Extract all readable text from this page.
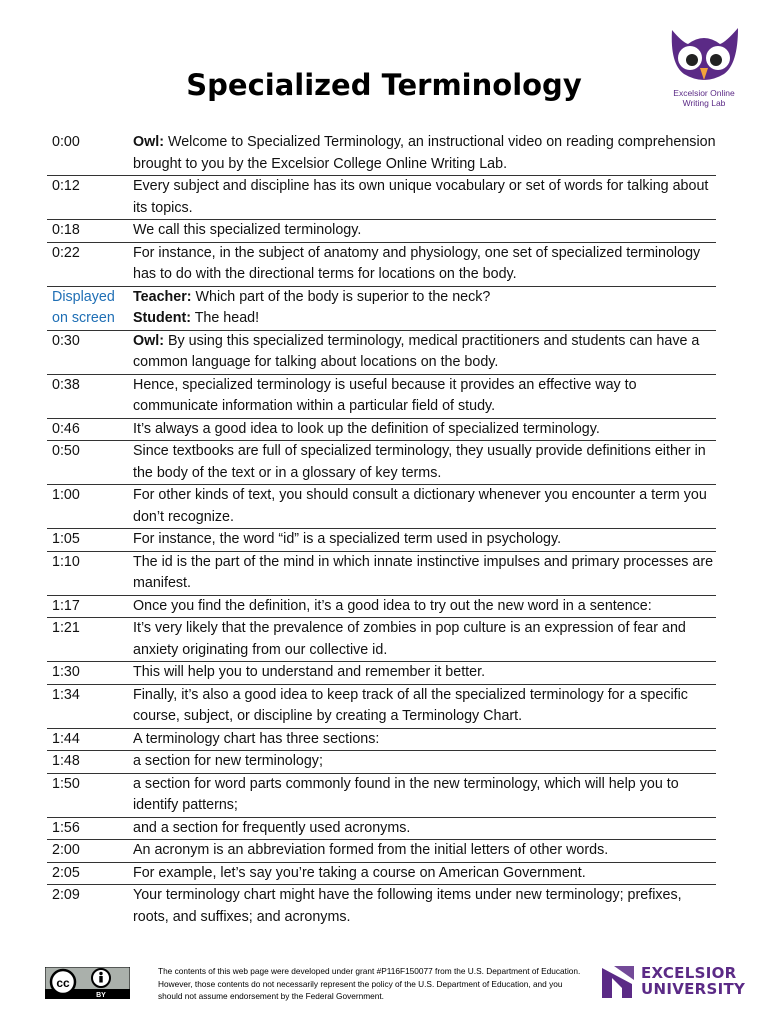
Specialized Terminology	Excelsior Online
Writing Lab
0:00	Owl: Welcome to Specialized Terminology, an instructional video on reading comprehension brought to you by the Excelsior College Online Writing Lab.

0:12	Every subject and discipline has its own unique vocabulary or set of words for talking about its topics.

0:18	We call this specialized terminology.

0:22	For instance, in the subject of anatomy and physiology, one set of specialized terminology has to do with the directional terms for locations on the body.

Displayed on screen	Teacher: Which part of the body is superior to the neck?
Student: The head!

0:30	Owl: By using this specialized terminology, medical practitioners and students can have a common language for talking about locations on the body.

0:38	Hence, specialized terminology is useful because it provides an effective way to communicate information within a particular field of study.

0:46	It’s always a good idea to look up the definition of specialized terminology.

0:50	Since textbooks are full of specialized terminology, they usually provide definitions either in the body of the text or in a glossary of key terms.

1:00	For other kinds of text, you should consult a dictionary whenever you encounter a term you don’t recognize.

1:05	For instance, the word “id” is a specialized term used in psychology.

1:10	The id is the part of the mind in which innate instinctive impulses and primary processes are manifest.

1:17	Once you find the definition, it’s a good idea to try out the new word in a sentence:

1:21	It’s very likely that the prevalence of zombies in pop culture is an expression of fear and anxiety originating from our collective id.

1:30	This will help you to understand and remember it better.

1:34	Finally, it’s also a good idea to keep track of all the specialized terminology for a specific course, subject, or discipline by creating a Terminology Chart.

1:44	A terminology chart has three sections:

1:48	a section for new terminology;

1:50	a section for word parts commonly found in the new terminology, which will help you to identify patterns;

1:56	and a section for frequently used acronyms.

2:00	An acronym is an abbreviation formed from the initial letters of other words.

2:05	For example, let’s say you’re taking a course on American Government.

2:09	Your terminology chart might have the following items under new terminology; prefixes, roots, and suffixes; and acronyms.
cc
BY
The contents of this web page were developed under grant #P116F150077 from the U.S. Department of Education. However, those contents do not necessarily represent the policy of the U.S. Department of Education, and you should not assume endorsement by the Federal Government.
EXCELSIOR
UNIVERSITY
